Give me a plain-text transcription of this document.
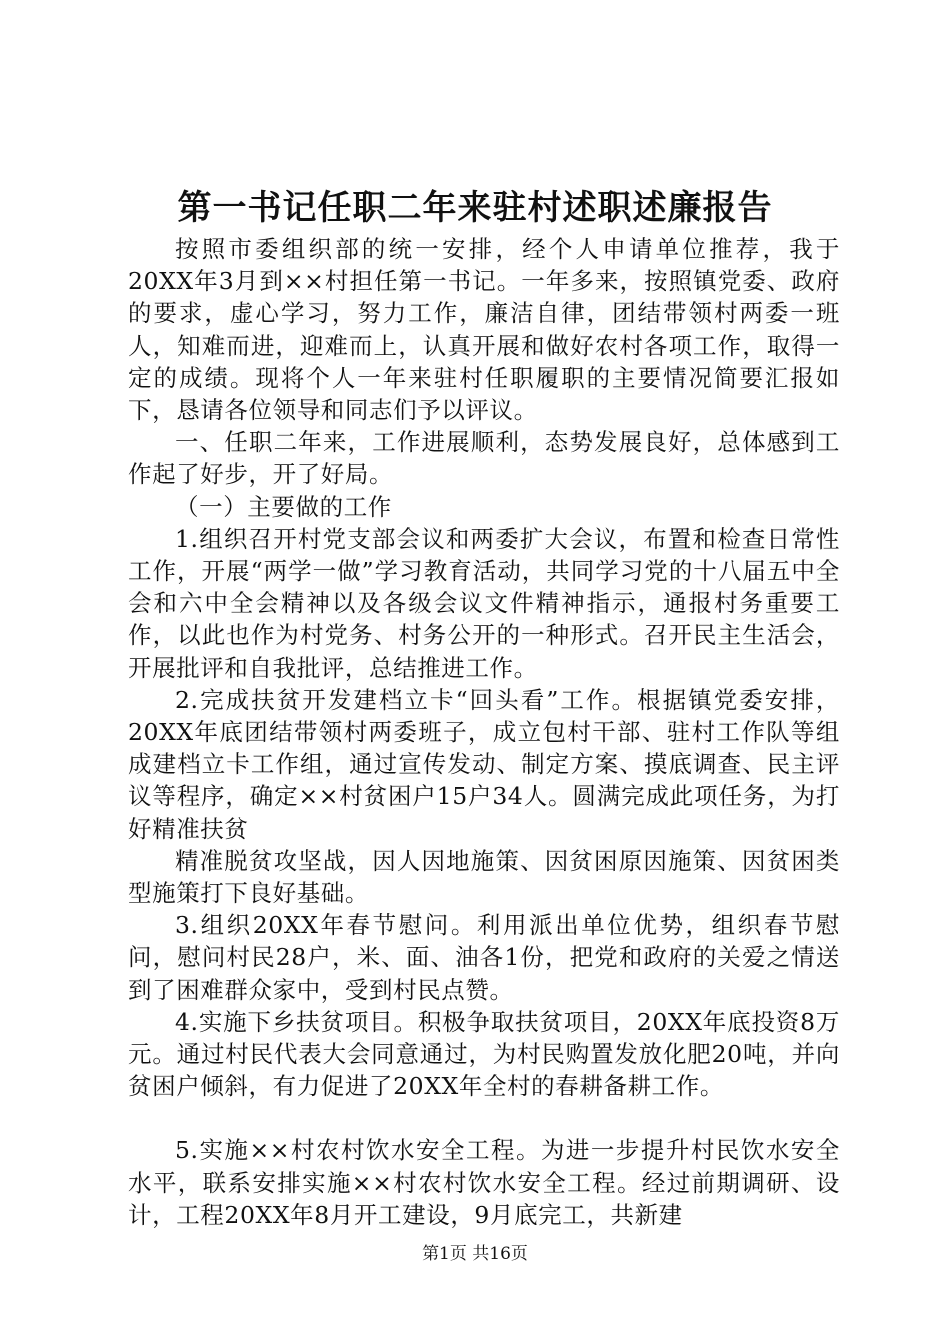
第一书记任职二年来驻村述职述廉报告

按照市委组织部的统一安排，经个人申请单位推荐，我于20XX年3月到××村担任第一书记。一年多来，按照镇党委、政府的要求，虚心学习，努力工作，廉洁自律，团结带领村两委一班人，知难而进，迎难而上，认真开展和做好农村各项工作，取得一定的成绩。现将个人一年来驻村任职履职的主要情况简要汇报如下，恳请各位领导和同志们予以评议。

一、任职二年来，工作进展顺利，态势发展良好，总体感到工作起了好步，开了好局。

（一）主要做的工作

1.组织召开村党支部会议和两委扩大会议，布置和检查日常性工作，开展“两学一做”学习教育活动，共同学习党的十八届五中全会和六中全会精神以及各级会议文件精神指示，通报村务重要工作，以此也作为村党务、村务公开的一种形式。召开民主生活会，开展批评和自我批评，总结推进工作。

2.完成扶贫开发建档立卡“回头看”工作。根据镇党委安排，20XX年底团结带领村两委班子，成立包村干部、驻村工作队等组成建档立卡工作组，通过宣传发动、制定方案、摸底调查、民主评议等程序，确定××村贫困户15户34人。圆满完成此项任务，为打好精准扶贫

精准脱贫攻坚战，因人因地施策、因贫困原因施策、因贫困类型施策打下良好基础。

3.组织20XX年春节慰问。利用派出单位优势，组织春节慰问，慰问村民28户，米、面、油各1份，把党和政府的关爱之情送到了困难群众家中，受到村民点赞。

4.实施下乡扶贫项目。积极争取扶贫项目，20XX年底投资8万元。通过村民代表大会同意通过，为村民购置发放化肥20吨，并向贫困户倾斜，有力促进了20XX年全村的春耕备耕工作。

5.实施××村农村饮水安全工程。为进一步提升村民饮水安全水平，联系安排实施××村农村饮水安全工程。经过前期调研、设计，工程20XX年8月开工建设，9月底完工，共新建

第1页 共16页
